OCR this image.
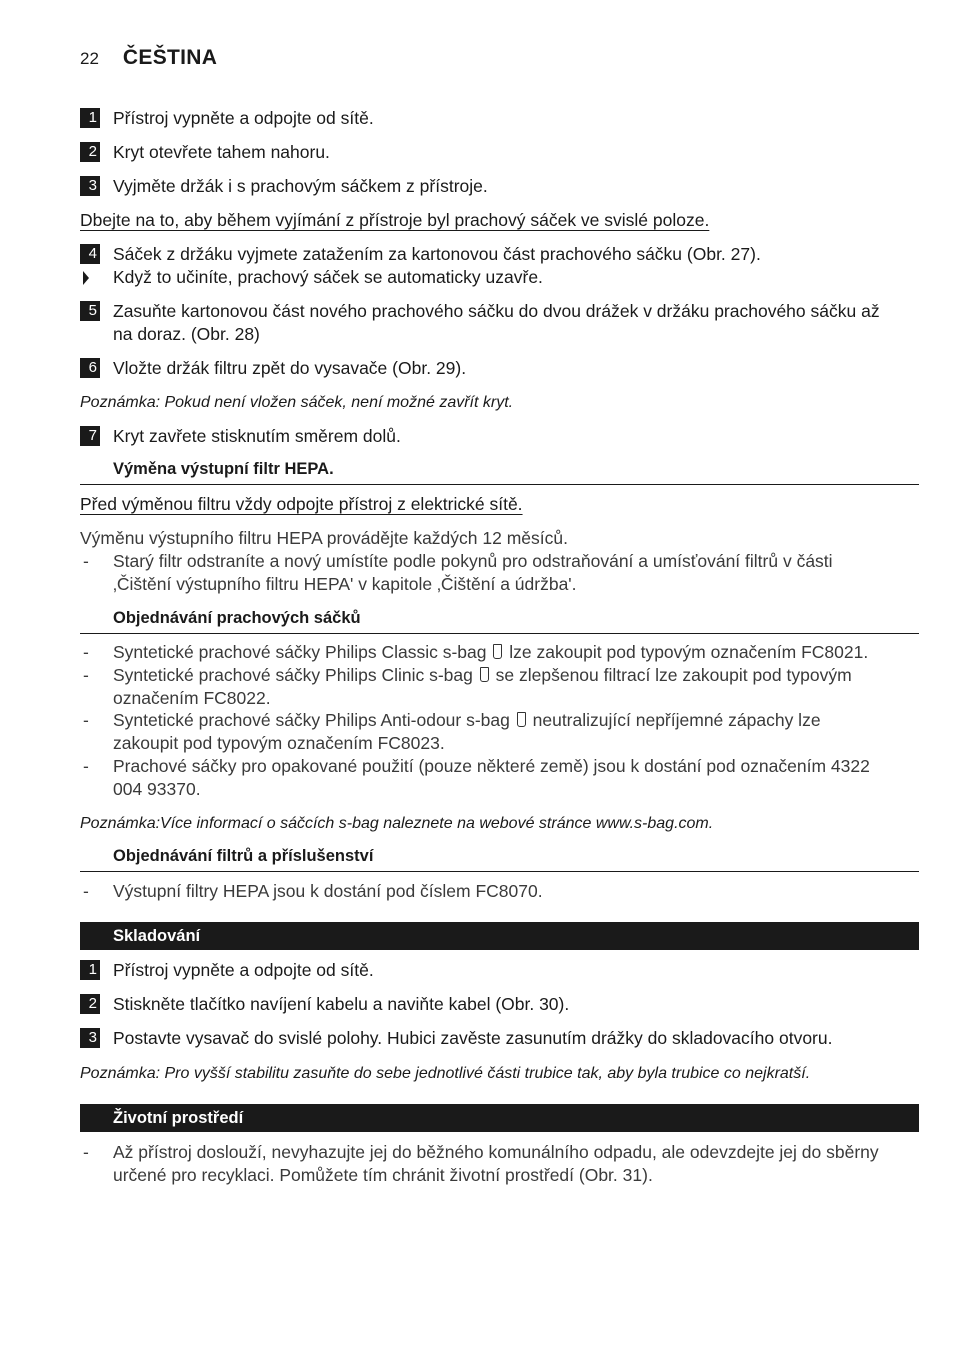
22 ČEŠTINA
1 Přístroj vypněte a odpojte od sítě.
2 Kryt otevřete tahem nahoru.
3 Vyjměte držák i s prachovým sáčkem z přístroje.
Dbejte na to, aby během vyjímání z přístroje byl prachový sáček ve svislé poloze.
4 Sáček z držáku vyjmete zatažením za kartonovou část prachového sáčku (Obr. 27).
Když to učiníte, prachový sáček se automaticky uzavře.
5 Zasuňte kartonovou část nového prachového sáčku do dvou drážek v držáku prachového sáčku až na doraz. (Obr. 28)
6 Vložte držák filtru zpět do vysavače (Obr. 29).
Poznámka: Pokud není vložen sáček, není možné zavřít kryt.
7 Kryt zavřete stisknutím směrem dolů.
Výměna výstupní filtr HEPA.
Před výměnou filtru vždy odpojte přístroj z elektrické sítě.
Výměnu výstupního filtru HEPA provádějte každých 12 měsíců.
-	Starý filtr odstraníte a nový umístíte podle pokynů pro odstraňování a umísťování filtrů v části ‚Čištění výstupního filtru HEPA' v kapitole ‚Čištění a údržba'.
Objednávání prachových sáčků
-	Syntetické prachové sáčky Philips Classic s-bag lze zakoupit pod typovým označením FC8021.
-	Syntetické prachové sáčky Philips Clinic s-bag se zlepšenou filtrací lze zakoupit pod typovým označením FC8022.
-	Syntetické prachové sáčky Philips Anti-odour s-bag neutralizující nepříjemné zápachy lze zakoupit pod typovým označením FC8023.
-	Prachové sáčky pro opakované použití (pouze některé země) jsou k dostání pod označením 4322 004 93370.
Poznámka:Více informací o sáčcích s-bag naleznete na webové stránce www.s-bag.com.
Objednávání filtrů a příslušenství
-	Výstupní filtry HEPA jsou k dostání pod číslem FC8070.
Skladování
1 Přístroj vypněte a odpojte od sítě.
2 Stiskněte tlačítko navíjení kabelu a naviňte kabel (Obr. 30).
3 Postavte vysavač do svislé polohy. Hubici zavěste zasunutím drážky do skladovacího otvoru.
Poznámka: Pro vyšší stabilitu zasuňte do sebe jednotlivé části trubice tak, aby byla trubice co nejkratší.
Životní prostředí
-	Až přístroj doslouží, nevyhazujte jej do běžného komunálního odpadu, ale odevzdejte jej do sběrny určené pro recyklaci. Pomůžete tím chránit životní prostředí (Obr. 31).
